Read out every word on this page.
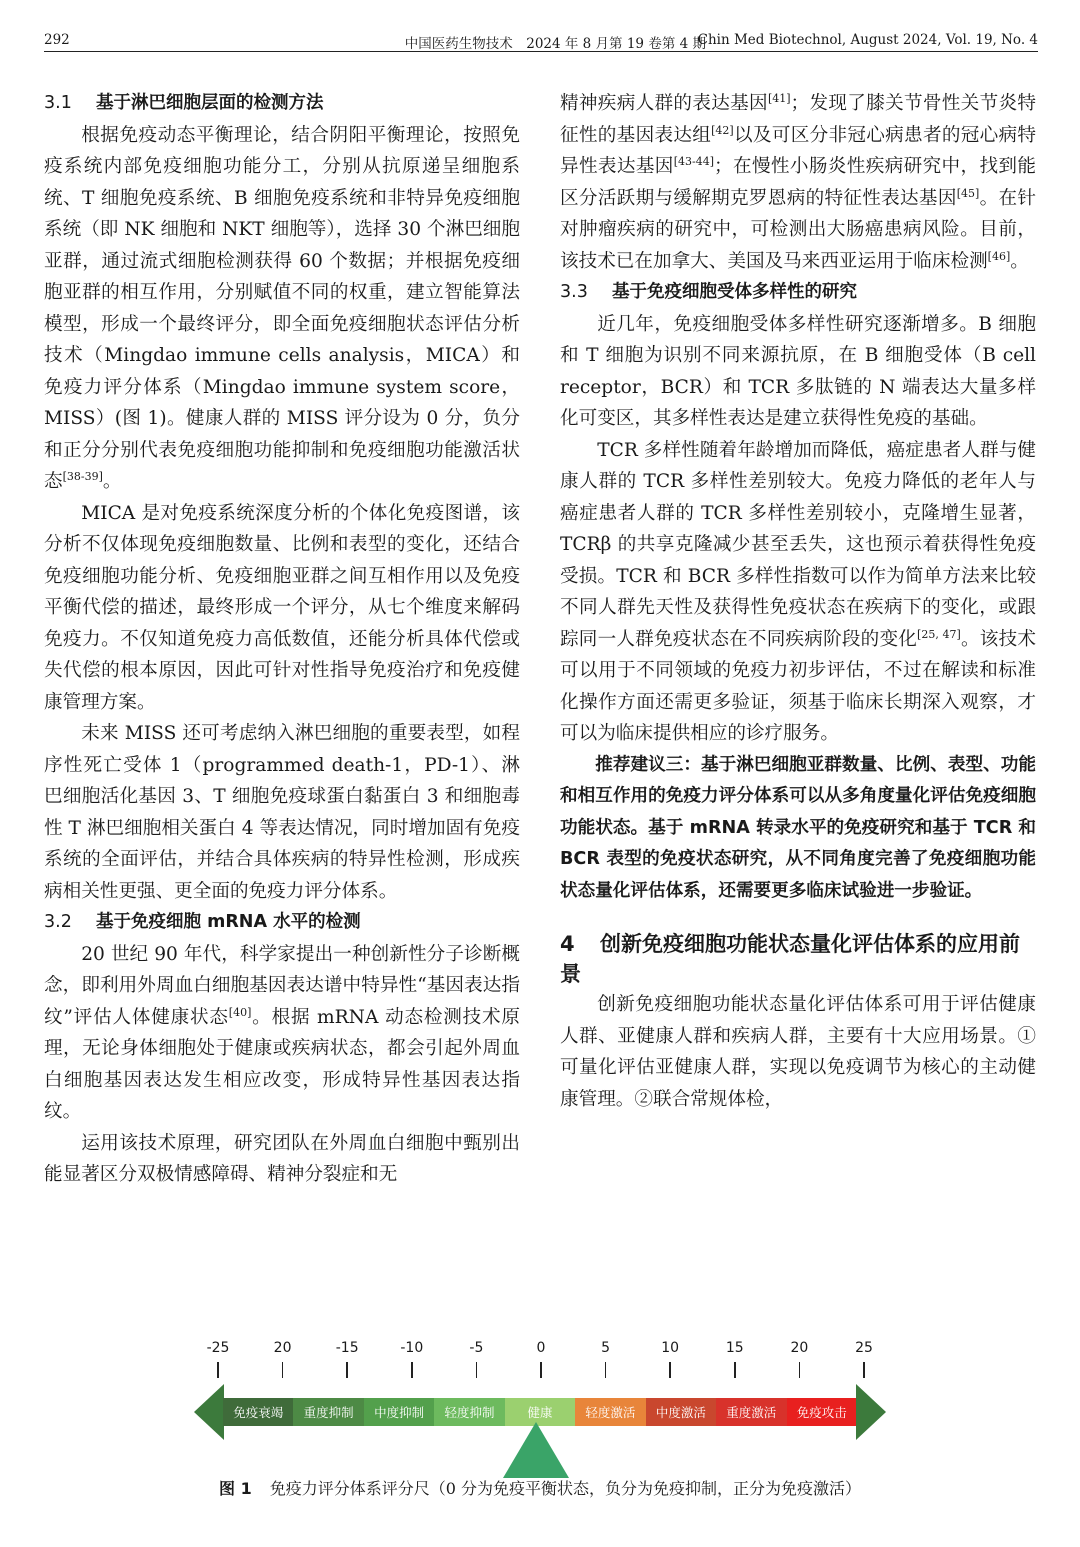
292	中国医药生物技术　2024 年 8 月第 19 卷第 4 期
Chin Med Biotechnol, August 2024, Vol. 19, No. 4
3.1 基于淋巴细胞层面的检测方法

根据免疫动态平衡理论，结合阴阳平衡理论，按照免疫系统内部免疫细胞功能分工，分别从抗原递呈细胞系统、T 细胞免疫系统、B 细胞免疫系统和非特异免疫细胞系统（即 NK 细胞和 NKT 细胞等），选择 30 个淋巴细胞亚群，通过流式细胞检测获得 60 个数据；并根据免疫细胞亚群的相互作用，分别赋值不同的权重，建立智能算法模型，形成一个最终评分，即全面免疫细胞状态评估分析技术（Mingdao immune cells analysis，MICA）和免疫力评分体系（Mingdao immune system score，MISS）(图 1)。健康人群的 MISS 评分设为 0 分，负分和正分分别代表免疫细胞功能抑制和免疫细胞功能激活状态[38-39]。

MICA 是对免疫系统深度分析的个体化免疫图谱，该分析不仅体现免疫细胞数量、比例和表型的变化，还结合免疫细胞功能分析、免疫细胞亚群之间互相作用以及免疫平衡代偿的描述，最终形成一个评分，从七个维度来解码免疫力。不仅知道免疫力高低数值，还能分析具体代偿或失代偿的根本原因，因此可针对性指导免疫治疗和免疫健康管理方案。

未来 MISS 还可考虑纳入淋巴细胞的重要表型，如程序性死亡受体 1（programmed death-1，PD-1）、淋巴细胞活化基因 3、T 细胞免疫球蛋白黏蛋白 3 和细胞毒性 T 淋巴细胞相关蛋白 4 等表达情况，同时增加固有免疫系统的全面评估，并结合具体疾病的特异性检测，形成疾病相关性更强、更全面的免疫力评分体系。

3.2 基于免疫细胞 mRNA 水平的检测

20 世纪 90 年代，科学家提出一种创新性分子诊断概念，即利用外周血白细胞基因表达谱中特异性“基因表达指纹”评估人体健康状态[40]。根据 mRNA 动态检测技术原理，无论身体细胞处于健康或疾病状态，都会引起外周血白细胞基因表达发生相应改变，形成特异性基因表达指纹。

运用该技术原理，研究团队在外周血白细胞中甄别出能显著区分双极情感障碍、精神分裂症和无

精神疾病人群的表达基因[41]；发现了膝关节骨性关节炎特征性的基因表达组[42]以及可区分非冠心病患者的冠心病特异性表达基因[43-44]；在慢性小肠炎性疾病研究中，找到能区分活跃期与缓解期克罗恩病的特征性表达基因[45]。在针对肿瘤疾病的研究中，可检测出大肠癌患病风险。目前，该技术已在加拿大、美国及马来西亚运用于临床检测[46]。

3.3 基于免疫细胞受体多样性的研究

近几年，免疫细胞受体多样性研究逐渐增多。B 细胞和 T 细胞为识别不同来源抗原，在 B 细胞受体（B cell receptor，BCR）和 TCR 多肽链的 N 端表达大量多样化可变区，其多样性表达是建立获得性免疫的基础。

TCR 多样性随着年龄增加而降低，癌症患者人群与健康人群的 TCR 多样性差别较大。免疫力降低的老年人与癌症患者人群的 TCR 多样性差别较小，克隆增生显著，TCRβ 的共享克隆减少甚至丢失，这也预示着获得性免疫受损。TCR 和 BCR 多样性指数可以作为简单方法来比较不同人群先天性及获得性免疫状态在疾病下的变化，或跟踪同一人群免疫状态在不同疾病阶段的变化[25, 47]。该技术可以用于不同领域的免疫力初步评估，不过在解读和标准化操作方面还需更多验证，须基于临床长期深入观察，才可以为临床提供相应的诊疗服务。

推荐建议三：基于淋巴细胞亚群数量、比例、表型、功能和相互作用的免疫力评分体系可以从多角度量化评估免疫细胞功能状态。基于 mRNA 转录水平的免疫研究和基于 TCR 和 BCR 表型的免疫状态研究，从不同角度完善了免疫细胞功能状态量化评估体系，还需要更多临床试验进一步验证。

4 创新免疫细胞功能状态量化评估体系的应用前景

创新免疫细胞功能状态量化评估体系可用于评估健康人群、亚健康人群和疾病人群，主要有十大应用场景。①可量化评估亚健康人群，实现以免疫调节为核心的主动健康管理。②联合常规体检，

-25	20	-15	-10	-5	0	5	10	15	20	25
免疫衰竭	重度抑制	中度抑制	轻度抑制	健康	轻度激活	中度激活	重度激活	免疫攻击
图 1 免疫力评分体系评分尺（0 分为免疫平衡状态，负分为免疫抑制，正分为免疫激活）
